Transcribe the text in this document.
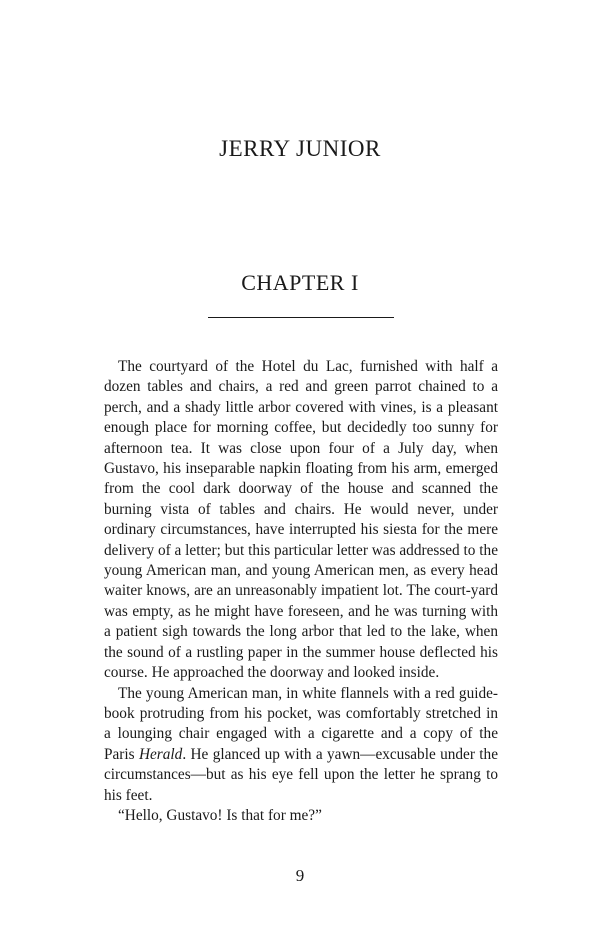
JERRY JUNIOR
CHAPTER I

The courtyard of the Hotel du Lac, furnished with half a dozen tables and chairs, a red and green parrot chained to a perch, and a shady little arbor covered with vines, is a pleasant enough place for morning coffee, but decidedly too sunny for afternoon tea. It was close upon four of a July day, when Gustavo, his inseparable napkin floating from his arm, emerged from the cool dark doorway of the house and scanned the burning vista of tables and chairs. He would never, under ordinary circumstances, have interrupted his siesta for the mere delivery of a letter; but this particular letter was addressed to the young American man, and young American men, as every head waiter knows, are an unreasonably impatient lot. The court-yard was empty, as he might have foreseen, and he was turning with a patient sigh towards the long arbor that led to the lake, when the sound of a rustling paper in the summer house deflected his course. He approached the doorway and looked inside.

The young American man, in white flannels with a red guide-book protruding from his pocket, was comfortably stretched in a lounging chair engaged with a cigarette and a copy of the Paris Herald. He glanced up with a yawn—excusable under the circumstances—but as his eye fell upon the letter he sprang to his feet.

“Hello, Gustavo! Is that for me?”

9
